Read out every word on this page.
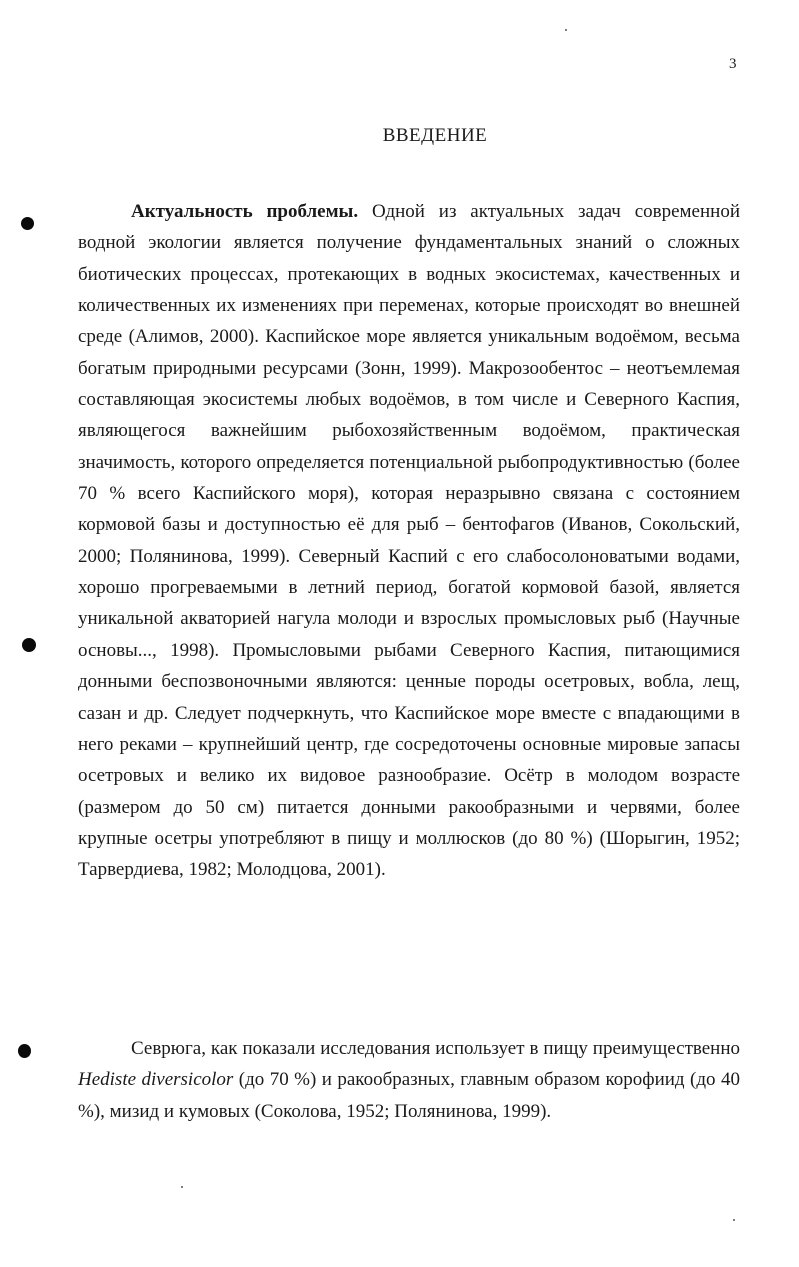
3
ВВЕДЕНИЕ

Актуальность проблемы. Одной из актуальных задач современной водной экологии является получение фундаментальных знаний о сложных биотических процессах, протекающих в водных экосистемах, качественных и количественных их изменениях при переменах, которые происходят во внешней среде (Алимов, 2000). Каспийское море является уникальным водоёмом, весьма богатым природными ресурсами (Зонн, 1999). Макрозообентос – неотъемлемая составляющая экосистемы любых водоёмов, в том числе и Северного Каспия, являющегося важнейшим рыбохозяйственным водоёмом, практическая значимость, которого определяется потенциальной рыбопродуктивностью (более 70 % всего Каспийского моря), которая неразрывно связана с состоянием кормовой базы и доступностью её для рыб – бентофагов (Иванов, Сокольский, 2000; Полянинова, 1999). Северный Каспий с его слабосолоноватыми водами, хорошо прогреваемыми в летний период, богатой кормовой базой, является уникальной акваторией нагула молоди и взрослых промысловых рыб (Научные основы..., 1998). Промысловыми рыбами Северного Каспия, питающимися донными беспозвоночными являются: ценные породы осетровых, вобла, лещ, сазан и др. Следует подчеркнуть, что Каспийское море вместе с впадающими в него реками – крупнейший центр, где сосредоточены основные мировые запасы осетровых и велико их видовое разнообразие. Осётр в молодом возрасте (размером до 50 см) питается донными ракообразными и червями, более крупные осетры употребляют в пищу и моллюсков (до 80 %) (Шорыгин, 1952; Тарвердиева, 1982; Молодцова, 2001).

Севрюга, как показали исследования использует в пищу преимущественно Hediste diversicolor (до 70 %) и ракообразных, главным образом корофиид (до 40 %), мизид и кумовых (Соколова, 1952; Полянинова, 1999).
